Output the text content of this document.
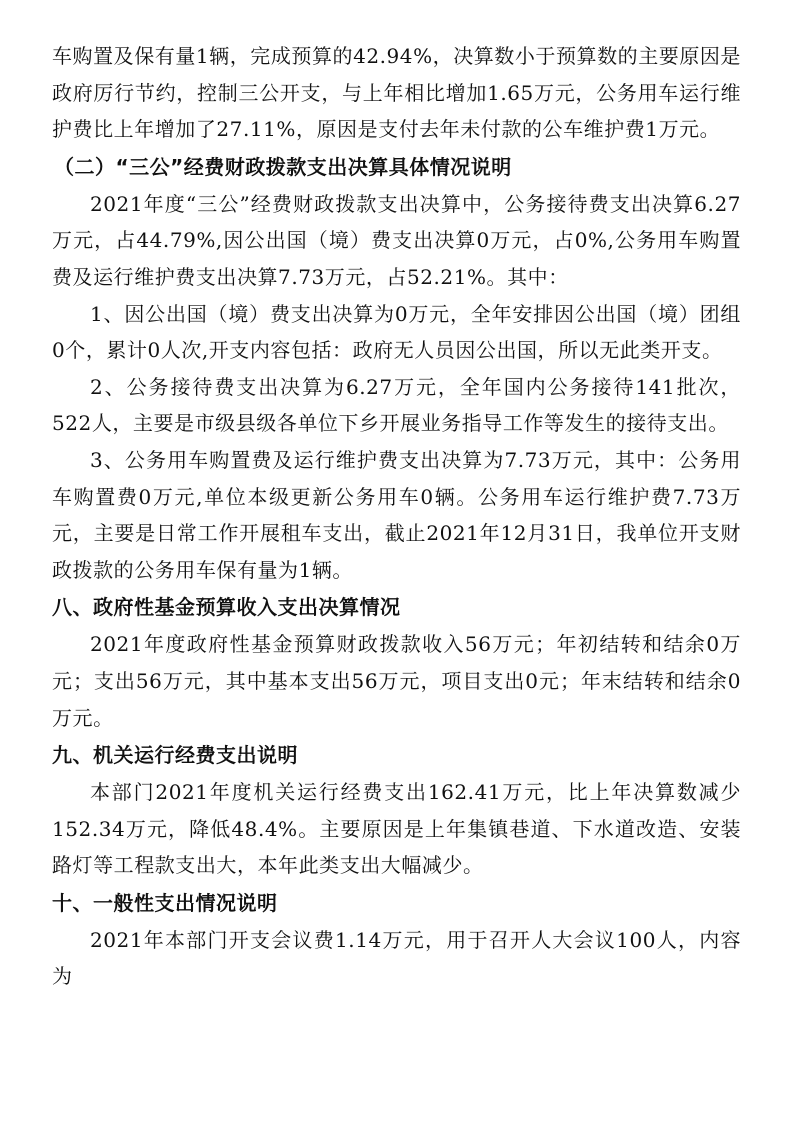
车购置及保有量1辆，完成预算的42.94%，决算数小于预算数的主要原因是政府厉行节约，控制三公开支，与上年相比增加1.65万元，公务用车运行维护费比上年增加了27.11%，原因是支付去年未付款的公车维护费1万元。

（二）“三公”经费财政拨款支出决算具体情况说明

2021年度“三公”经费财政拨款支出决算中，公务接待费支出决算6.27万元，占44.79%,因公出国（境）费支出决算0万元，占0%,公务用车购置费及运行维护费支出决算7.73万元，占52.21%。其中：

1、因公出国（境）费支出决算为0万元，全年安排因公出国（境）团组0个，累计0人次,开支内容包括：政府无人员因公出国，所以无此类开支。

2、公务接待费支出决算为6.27万元，全年国内公务接待141批次，522人，主要是市级县级各单位下乡开展业务指导工作等发生的接待支出。

3、公务用车购置费及运行维护费支出决算为7.73万元，其中：公务用车购置费0万元,单位本级更新公务用车0辆。公务用车运行维护费7.73万元，主要是日常工作开展租车支出，截止2021年12月31日，我单位开支财政拨款的公务用车保有量为1辆。

八、政府性基金预算收入支出决算情况

2021年度政府性基金预算财政拨款收入56万元；年初结转和结余0万元；支出56万元，其中基本支出56万元，项目支出0元；年末结转和结余0万元。

九、机关运行经费支出说明

本部门2021年度机关运行经费支出162.41万元，比上年决算数减少152.34万元，降低48.4%。主要原因是上年集镇巷道、下水道改造、安装路灯等工程款支出大，本年此类支出大幅减少。

十、一般性支出情况说明

2021年本部门开支会议费1.14万元，用于召开人大会议100人，内容为
